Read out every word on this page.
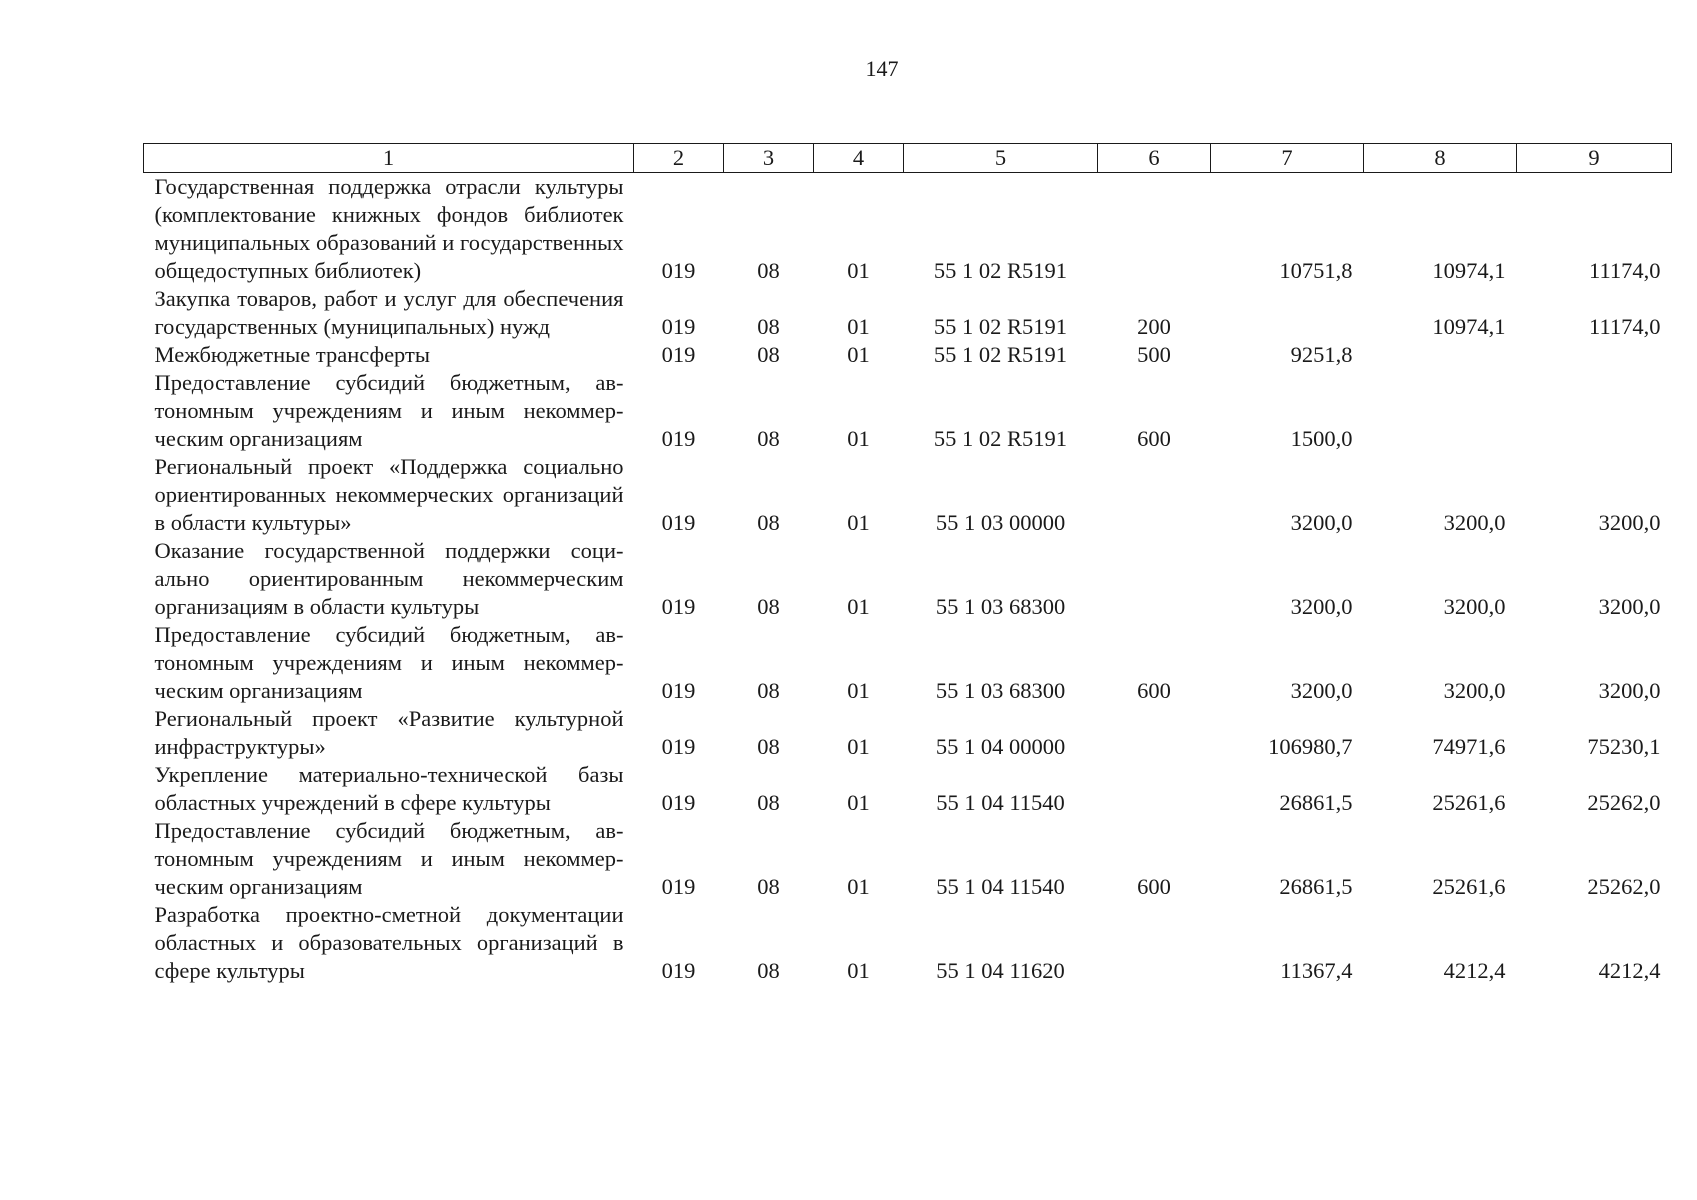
147
1	2	3	4	5	6	7	8	9
Государственная поддержка отрасли культуры (комплектование книжных фондов библиотек муниципальных образований и государственных общедоступных библиотек)	019	08	01	55 1 02 R5191		10751,8	10974,1	11174,0
Закупка товаров, работ и услуг для обеспечения государственных (муниципальных) нужд	019	08	01	55 1 02 R5191	200		10974,1	11174,0
Межбюджетные трансферты	019	08	01	55 1 02 R5191	500	9251,8		
Предоставление субсидий бюджетным, автономным учреждениям и иным некоммерческим организациям	019	08	01	55 1 02 R5191	600	1500,0		
Региональный проект «Поддержка социально ориентированных некоммерческих организаций в области культуры»	019	08	01	55 1 03 00000		3200,0	3200,0	3200,0
Оказание государственной поддержки социально ориентированным некоммерческим организациям в области культуры	019	08	01	55 1 03 68300		3200,0	3200,0	3200,0
Предоставление субсидий бюджетным, автономным учреждениям и иным некоммерческим организациям	019	08	01	55 1 03 68300	600	3200,0	3200,0	3200,0
Региональный проект «Развитие культурной инфраструктуры»	019	08	01	55 1 04 00000		106980,7	74971,6	75230,1
Укрепление материально-технической базы областных учреждений в сфере культуры	019	08	01	55 1 04 11540		26861,5	25261,6	25262,0
Предоставление субсидий бюджетным, автономным учреждениям и иным некоммерческим организациям	019	08	01	55 1 04 11540	600	26861,5	25261,6	25262,0
Разработка проектно-сметной документации областных и образовательных организаций в сфере культуры	019	08	01	55 1 04 11620		11367,4	4212,4	4212,4
